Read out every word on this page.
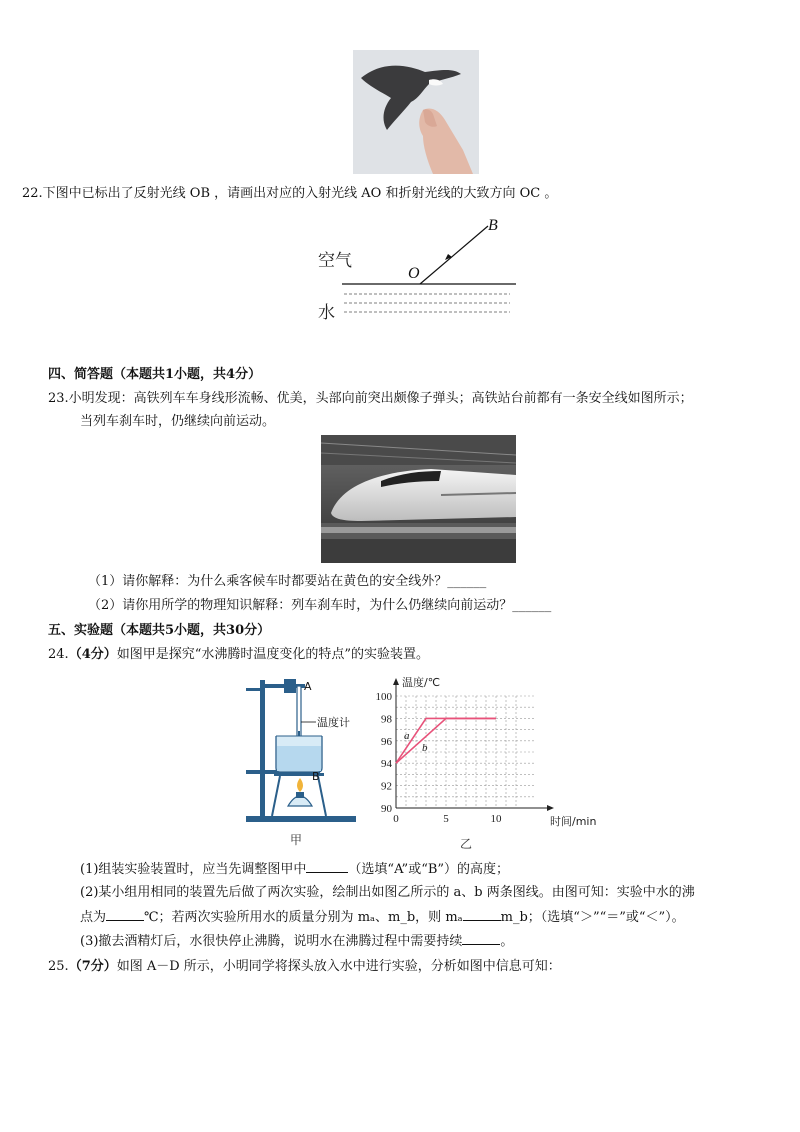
22.下图中已标出了反射光线 OB ，请画出对应的入射光线 AO 和折射光线的大致方向 OC 。
空气
水
O
B
四、简答题（本题共1小题，共4分）
23.小明发现：高铁列车车身线形流畅、优美，头部向前突出颇像子弹头；高铁站台前都有一条安全线如图所示；
当列车刹车时，仍继续向前运动。
（1）请你解释：为什么乘客候车时都要站在黄色的安全线外？______
（2）请你用所学的物理知识解释：列车刹车时，为什么仍继续向前运动？______
五、实验题（本题共5小题，共30分）
24.（4分）如图甲是探究“水沸腾时温度变化的特点”的实验装置。
A
B
温度计
甲
90
92
94
96
98
100
0	5	10
温度/℃
时间/min
a
b
乙
(1)组装实验装置时，应当先调整图甲中	（选填“A”或“B”）的高度；
(2)某小组用相同的装置先后做了两次实验，绘制出如图乙所示的 a、b 两条图线。由图可知：实验中水的沸
点为	℃；若两次实验所用水的质量分别为 mₐ、m_b，则 mₐ	m_b；（选填“＞”“＝”或“＜”）。
(3)撤去酒精灯后，水很快停止沸腾，说明水在沸腾过程中需要持续	。
25.（7分）如图 A－D 所示，小明同学将探头放入水中进行实验，分析如图中信息可知：
